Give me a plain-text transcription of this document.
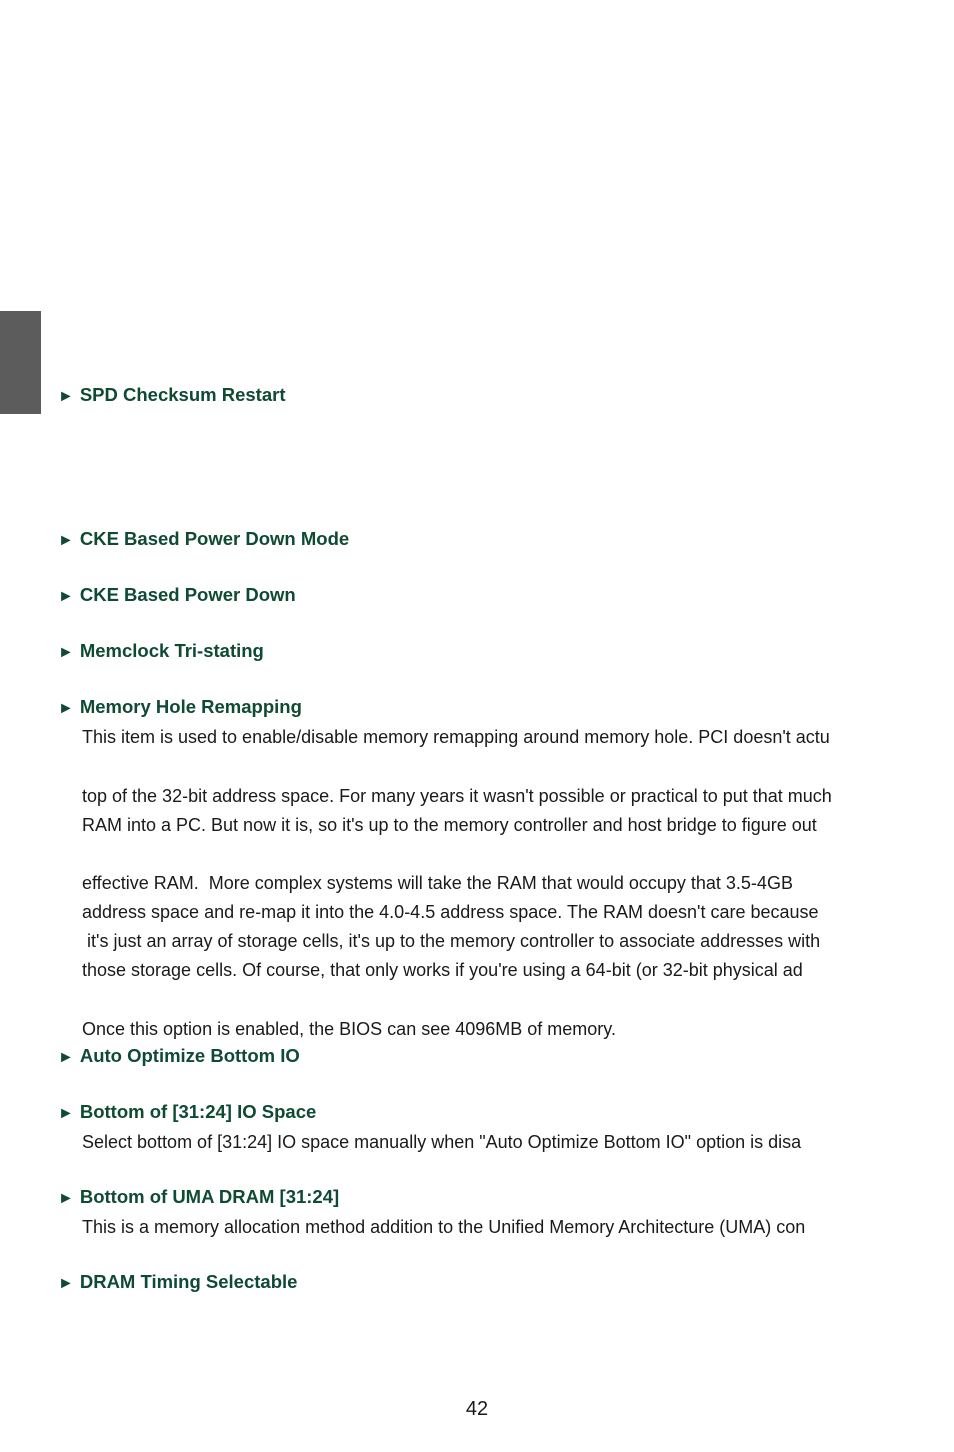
► SPD Checksum Restart
► CKE Based Power Down Mode
► CKE Based Power Down
► Memclock Tri-stating
► Memory Hole Remapping
This item is used to enable/disable memory remapping around memory hole. PCI doesn't actu
top of the 32-bit address space. For many years it wasn't possible or practical to put that much
RAM into a PC. But now it is, so it's up to the memory controller and host bridge to figure out
effective RAM.  More complex systems will take the RAM that would occupy that 3.5-4GB
address space and re-map it into the 4.0-4.5 address space. The RAM doesn't care because
it's just an array of storage cells, it's up to the memory controller to associate addresses with
those storage cells. Of course, that only works if you're using a 64-bit (or 32-bit physical ad
Once this option is enabled, the BIOS can see 4096MB of memory.
► Auto Optimize Bottom IO
► Bottom of [31:24] IO Space
Select bottom of [31:24] IO space manually when "Auto Optimize Bottom IO" option is disa
► Bottom of UMA DRAM [31:24]
This is a memory allocation method addition to the Unified Memory Architecture (UMA) con
► DRAM Timing Selectable
42
